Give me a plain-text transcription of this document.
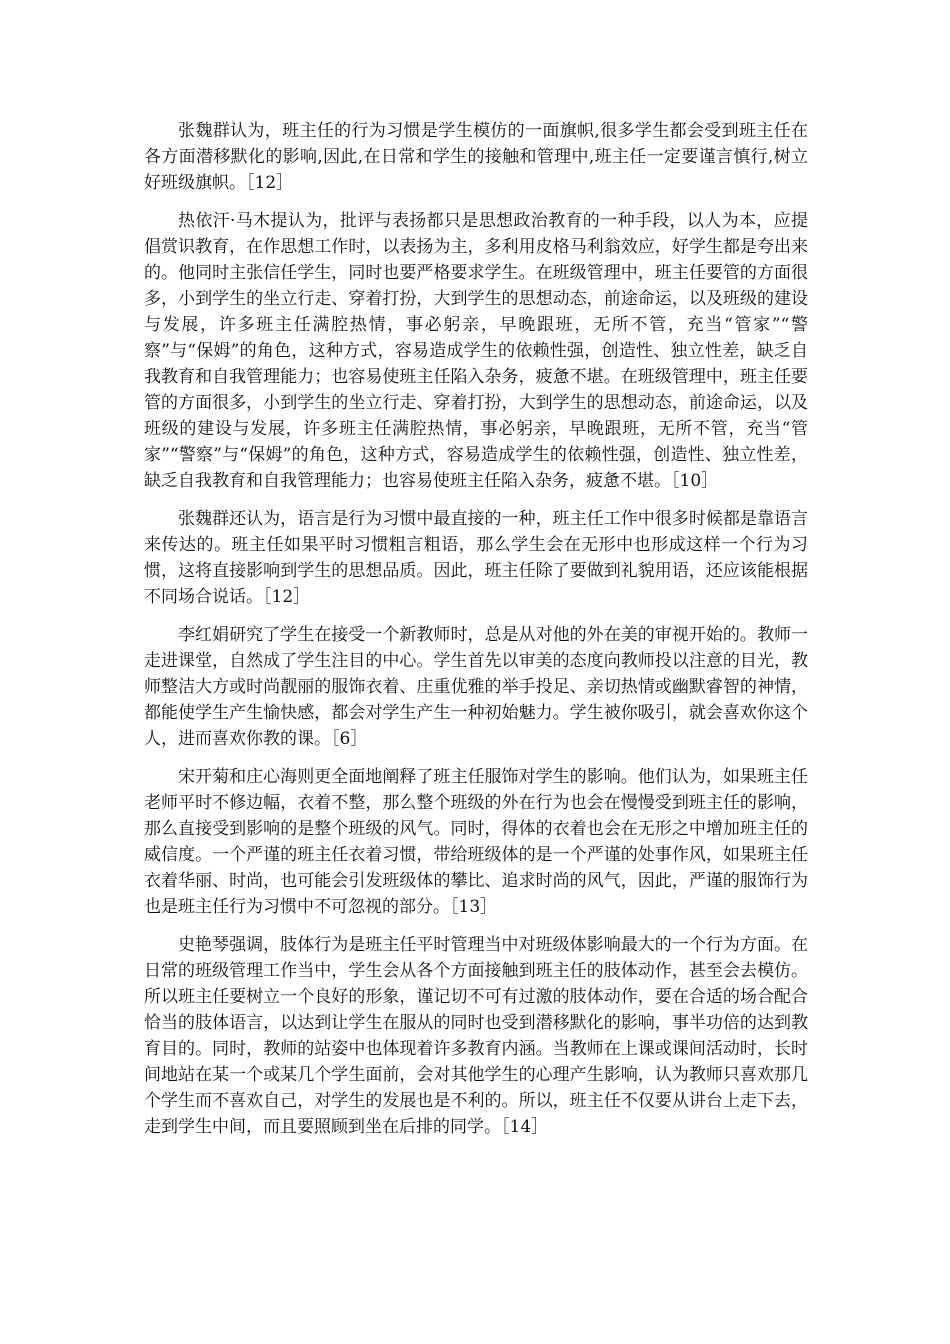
张魏群认为，班主任的行为习惯是学生模仿的一面旗帜,很多学生都会受到班主任在各方面潜移默化的影响,因此,在日常和学生的接触和管理中,班主任一定要谨言慎行,树立好班级旗帜。［12］

热依汗·马木提认为，批评与表扬都只是思想政治教育的一种手段，以人为本，应提倡赏识教育，在作思想工作时，以表扬为主，多利用皮格马利翁效应，好学生都是夸出来的。他同时主张信任学生，同时也要严格要求学生。在班级管理中，班主任要管的方面很多，小到学生的坐立行走、穿着打扮，大到学生的思想动态，前途命运，以及班级的建设与发展，许多班主任满腔热情，事必躬亲，早晚跟班，无所不管，充当“管家”“警察”与“保姆”的角色，这种方式，容易造成学生的依赖性强，创造性、独立性差，缺乏自我教育和自我管理能力；也容易使班主任陷入杂务，疲惫不堪。在班级管理中，班主任要管的方面很多，小到学生的坐立行走、穿着打扮，大到学生的思想动态，前途命运，以及班级的建设与发展，许多班主任满腔热情，事必躬亲，早晚跟班，无所不管，充当“管家”“警察”与“保姆”的角色，这种方式，容易造成学生的依赖性强，创造性、独立性差，缺乏自我教育和自我管理能力；也容易使班主任陷入杂务，疲惫不堪。［10］

张魏群还认为，语言是行为习惯中最直接的一种，班主任工作中很多时候都是靠语言来传达的。班主任如果平时习惯粗言粗语，那么学生会在无形中也形成这样一个行为习惯，这将直接影响到学生的思想品质。因此，班主任除了要做到礼貌用语，还应该能根据不同场合说话。［12］

李红娟研究了学生在接受一个新教师时，总是从对他的外在美的审视开始的。教师一走进课堂，自然成了学生注目的中心。学生首先以审美的态度向教师投以注意的目光，教师整洁大方或时尚靓丽的服饰衣着、庄重优雅的举手投足、亲切热情或幽默睿智的神情，都能使学生产生愉快感，都会对学生产生一种初始魅力。学生被你吸引，就会喜欢你这个人，进而喜欢你教的课。［6］

宋开菊和庄心海则更全面地阐释了班主任服饰对学生的影响。他们认为，如果班主任老师平时不修边幅，衣着不整，那么整个班级的外在行为也会在慢慢受到班主任的影响，那么直接受到影响的是整个班级的风气。同时，得体的衣着也会在无形之中增加班主任的威信度。一个严谨的班主任衣着习惯，带给班级体的是一个严谨的处事作风，如果班主任衣着华丽、时尚，也可能会引发班级体的攀比、追求时尚的风气，因此，严谨的服饰行为也是班主任行为习惯中不可忽视的部分。［13］

史艳琴强调，肢体行为是班主任平时管理当中对班级体影响最大的一个行为方面。在日常的班级管理工作当中，学生会从各个方面接触到班主任的肢体动作，甚至会去模仿。所以班主任要树立一个良好的形象，谨记切不可有过激的肢体动作，要在合适的场合配合恰当的肢体语言，以达到让学生在服从的同时也受到潜移默化的影响，事半功倍的达到教育目的。同时，教师的站姿中也体现着许多教育内涵。当教师在上课或课间活动时，长时间地站在某一个或某几个学生面前，会对其他学生的心理产生影响，认为教师只喜欢那几个学生而不喜欢自己，对学生的发展也是不利的。所以，班主任不仅要从讲台上走下去，走到学生中间，而且要照顾到坐在后排的同学。［14］
